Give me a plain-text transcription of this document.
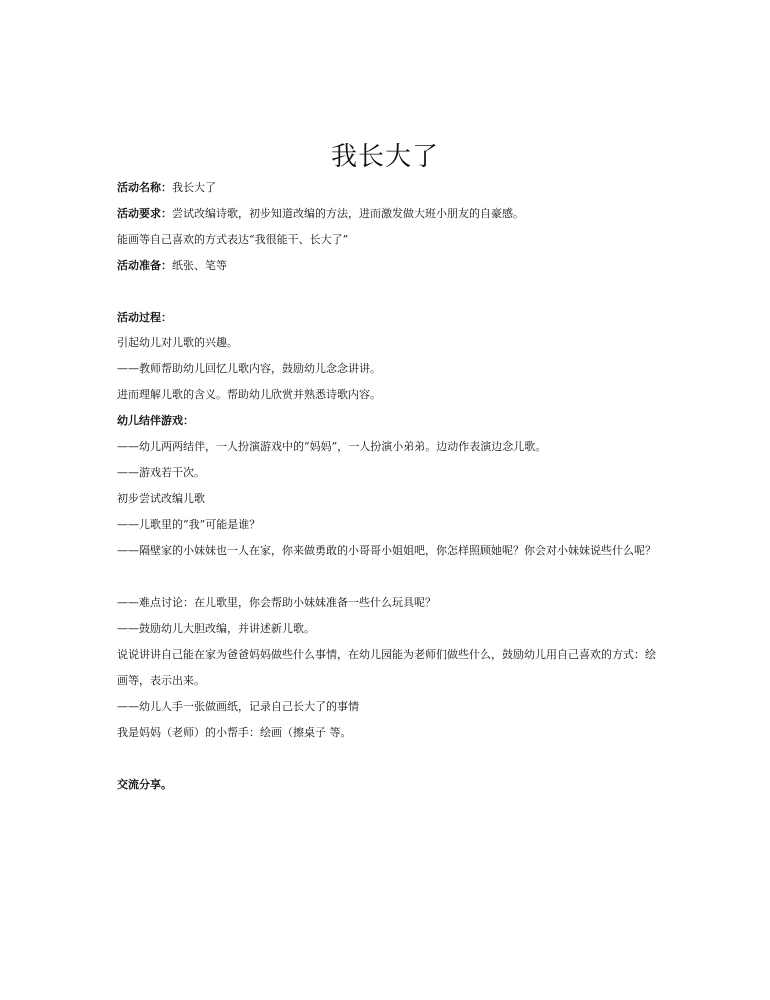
我长大了
活动名称：我长大了
活动要求：尝试改编诗歌，初步知道改编的方法，进而激发做大班小朋友的自豪感。
能画等自己喜欢的方式表达“我很能干、长大了”
活动准备：纸张、笔等
活动过程：
引起幼儿对儿歌的兴趣。
——教师帮助幼儿回忆儿歌内容，鼓励幼儿念念讲讲。
进而理解儿歌的含义。帮助幼儿欣赏并熟悉诗歌内容。
幼儿结伴游戏：
——幼儿两两结伴，一人扮演游戏中的“妈妈”，一人扮演小弟弟。边动作表演边念儿歌。
——游戏若干次。
初步尝试改编儿歌
——儿歌里的“我”可能是谁？
——隔壁家的小妹妹也一人在家，你来做勇敢的小哥哥小姐姐吧，你怎样照顾她呢？你会对小妹妹说些什么呢？
——难点讨论：在儿歌里，你会帮助小妹妹准备一些什么玩具呢？
——鼓励幼儿大胆改编，并讲述新儿歌。
说说讲讲自己能在家为爸爸妈妈做些什么事情，在幼儿园能为老师们做些什么，鼓励幼儿用自己喜欢的方式：绘画等，表示出来。
——幼儿人手一张做画纸，记录自己长大了的事情
我是妈妈（老师）的小帮手：绘画（擦桌子 等。
交流分享。
